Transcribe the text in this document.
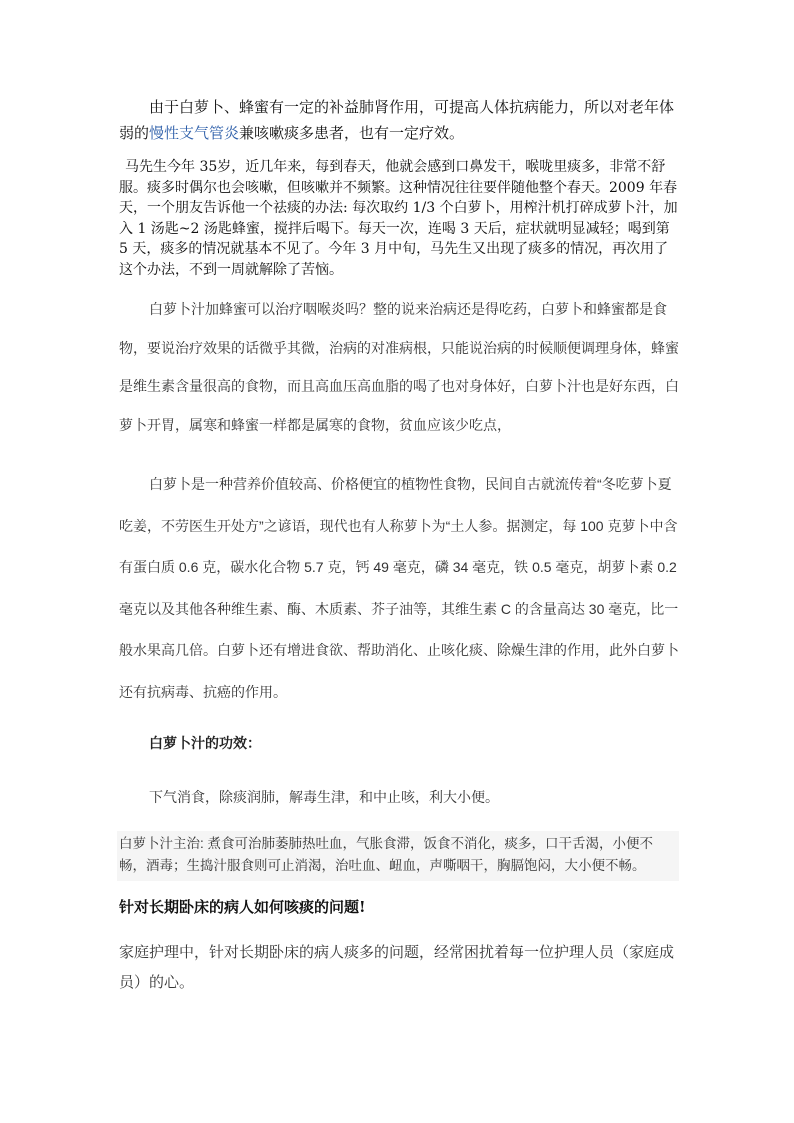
由于白萝卜、蜂蜜有一定的补益肺肾作用，可提高人体抗病能力，所以对老年体弱的慢性支气管炎兼咳嗽痰多患者，也有一定疗效。

马先生今年 35岁，近几年来，每到春天，他就会感到口鼻发干，喉咙里痰多，非常不舒服。痰多时偶尔也会咳嗽，但咳嗽并不频繁。这种情况往往要伴随他整个春天。2009 年春天，一个朋友告诉他一个祛痰的办法: 每次取约 1/3 个白萝卜，用榨汁机打碎成萝卜汁，加入 1 汤匙~2 汤匙蜂蜜，搅拌后喝下。每天一次，连喝 3 天后，症状就明显减轻；喝到第 5 天，痰多的情况就基本不见了。今年 3 月中旬，马先生又出现了痰多的情况，再次用了这个办法，不到一周就解除了苦恼。

白萝卜汁加蜂蜜可以治疗咽喉炎吗？整的说来治病还是得吃药，白萝卜和蜂蜜都是食物，要说治疗效果的话微乎其微，治病的对准病根，只能说治病的时候顺便调理身体，蜂蜜是维生素含量很高的食物，而且高血压高血脂的喝了也对身体好，白萝卜汁也是好东西，白萝卜开胃，属寒和蜂蜜一样都是属寒的食物，贫血应该少吃点，

白萝卜是一种营养价值较高、价格便宜的植物性食物，民间自古就流传着“冬吃萝卜夏吃姜，不劳医生开处方”之谚语，现代也有人称萝卜为“土人参。据测定，每 100 克萝卜中含有蛋白质 0.6 克，碳水化合物 5.7 克，钙 49 毫克，磷 34 毫克，铁 0.5 毫克，胡萝卜素 0.2 毫克以及其他各种维生素、酶、木质素、芥子油等，其维生素 C 的含量高达 30 毫克，比一般水果高几倍。白萝卜还有增进食欲、帮助消化、止咳化痰、除燥生津的作用，此外白萝卜还有抗病毒、抗癌的作用。

白萝卜汁的功效：

下气消食，除痰润肺，解毒生津，和中止咳，利大小便。

白萝卜汁主治: 煮食可治肺萎肺热吐血，气胀食滞，饭食不消化，痰多，口干舌渴，小便不畅，酒毒；生捣汁服食则可止消渴，治吐血、衄血，声嘶咽干，胸膈饱闷，大小便不畅。

针对长期卧床的病人如何咳痰的问题!

家庭护理中，针对长期卧床的病人痰多的问题，经常困扰着每一位护理人员（家庭成员）的心。
